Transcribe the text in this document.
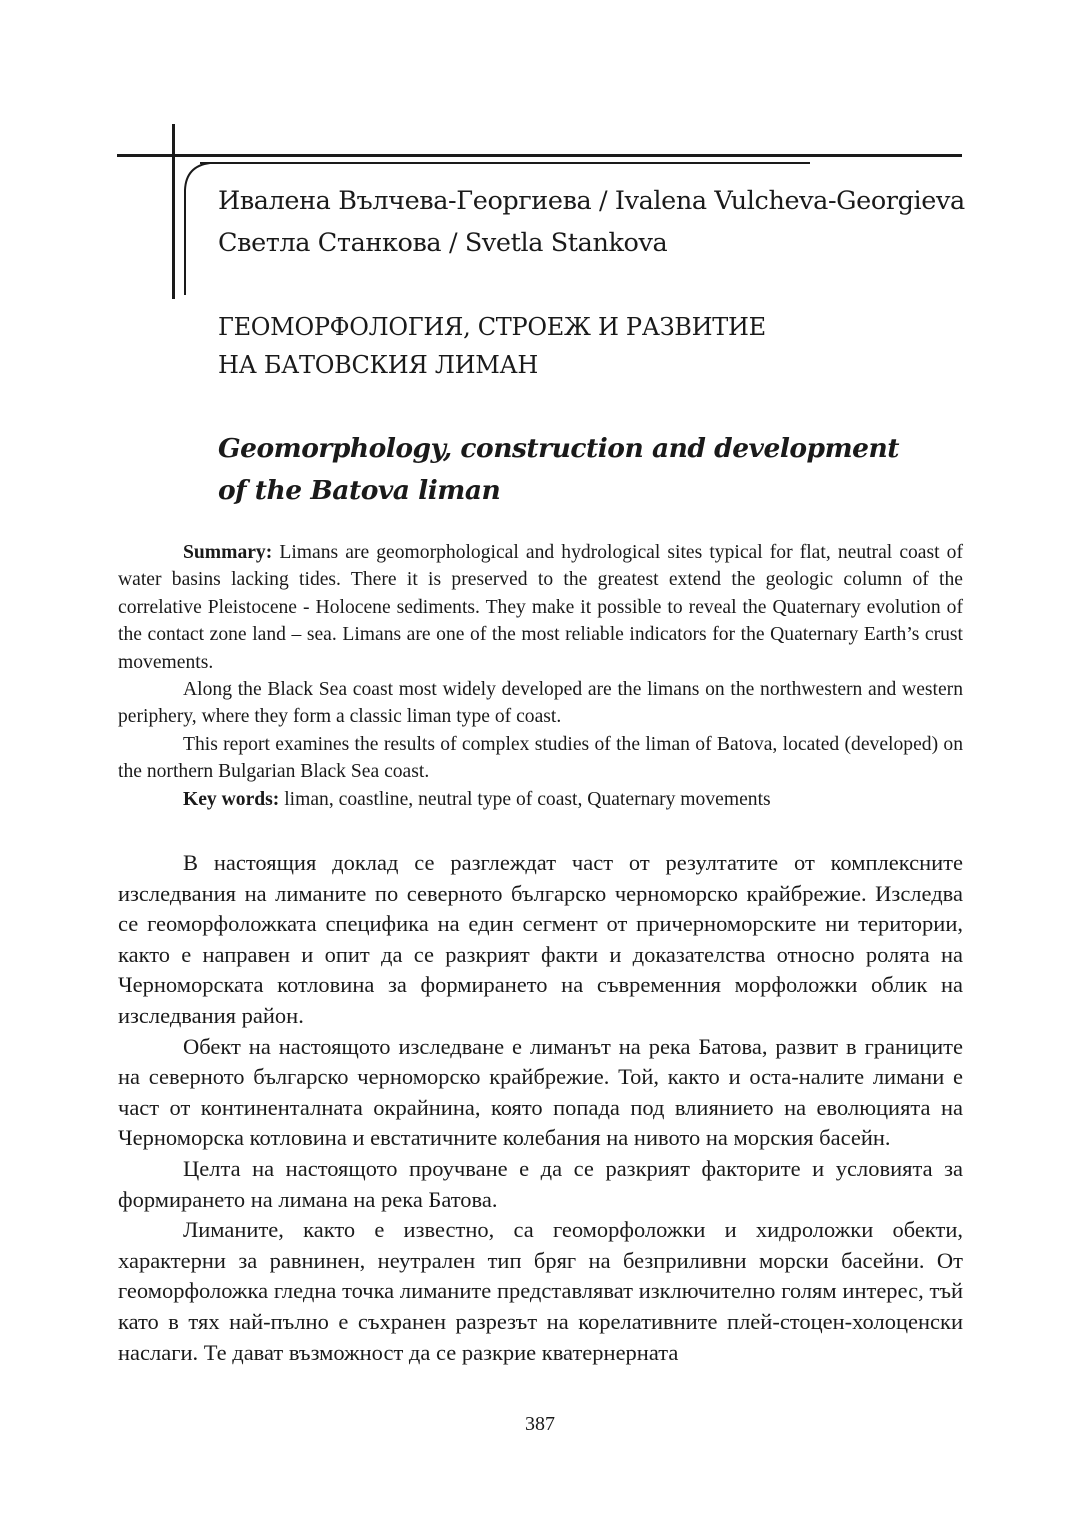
Ивалена Вълчева-Георгиева / Ivalena Vulcheva-Georgieva
Светла Станкова / Svetla Stankova
ГЕОМОРФОЛОГИЯ, СТРОЕЖ И РАЗВИТИЕ
НА БАТОВСКИЯ ЛИМАН
Geomorphology, construction and development
of the Batova liman

Summary: Limans are geomorphological and hydrological sites typical for flat, neutral coast of water basins lacking tides. There it is preserved to the greatest extend the geologic column of the correlative Pleistocene - Holocene sediments. They make it possible to reveal the Quaternary evolution of the contact zone land – sea. Limans are one of the most reliable indicators for the Quaternary Earth’s crust movements.

Along the Black Sea coast most widely developed are the limans on the northwestern and western periphery, where they form a classic liman type of coast.

This report examines the results of complex studies of the liman of Batova, located (developed) on the northern Bulgarian Black Sea coast.

Key words: liman, coastline, neutral type of coast, Quaternary movements

В настоящия доклад се разглеждат част от резултатите от комплексните изследвания на лиманите по северното българско черноморско крайбрежие. Изследва се геоморфоложката специфика на един сегмент от причерноморските ни територии, както е направен и опит да се разкрият факти и доказателства относно ролята на Черноморската котловина за формирането на съвременния морфоложки облик на изследвания район.

Обект на настоящото изследване е лиманът на река Батова, развит в границите на северното българско черноморско крайбрежие. Той, както и оста-налите лимани е част от континенталната окрайнина, която попада под влиянието на еволюцията на Черноморска котловина и евстатичните колебания на нивото на морския басейн.

Целта на настоящото проучване е да се разкрият факторите и условията за формирането на лимана на река Батова.

Лиманите, както е известно, са геоморфоложки и хидроложки обекти, характерни за равнинен, неутрален тип бряг на безприливни морски басейни. От геоморфоложка гледна точка лиманите представляват изключително голям интерес, тъй като в тях най-пълно е съхранен разрезът на корелативните плей-стоцен-холоценски наслаги. Те дават възможност да се разкрие кватернерната

387
